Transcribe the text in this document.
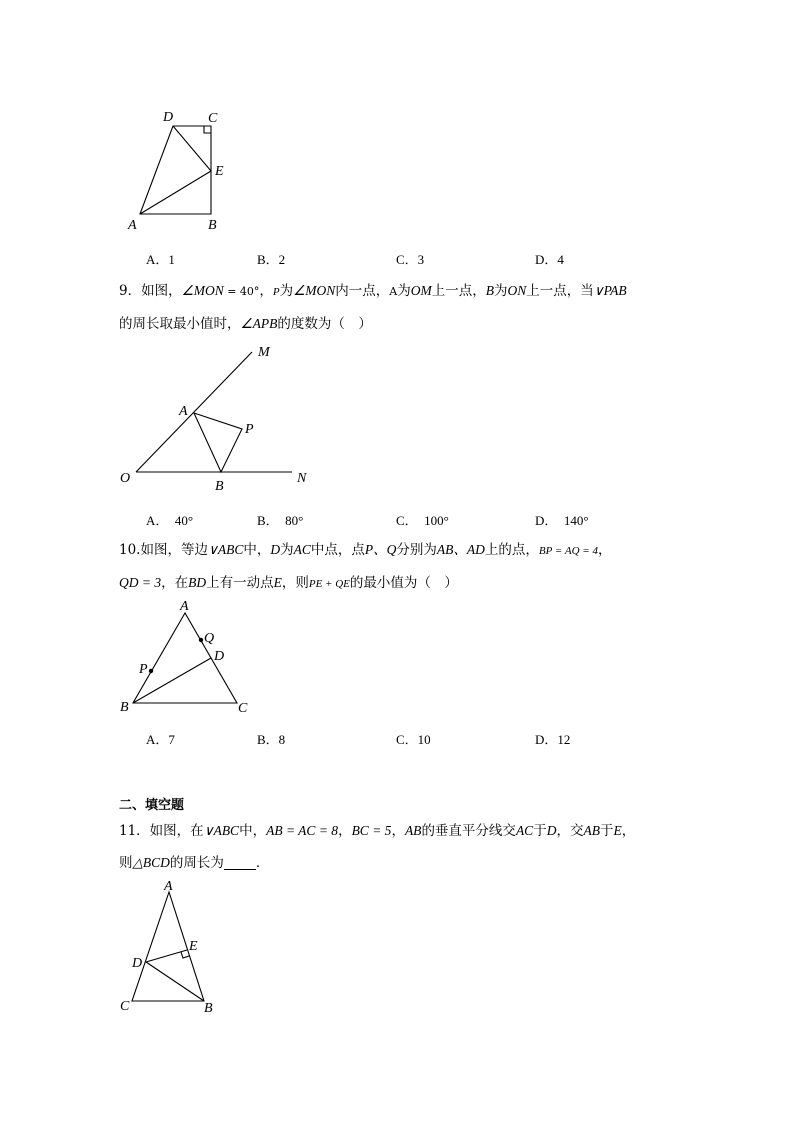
D C
E
A	B
A．1	B．2	C．3	D．4
9．如图，∠MON = 40°，P为∠MON内一点，A为OM上一点，B为ON上一点，当∨PAB
的周长取最小值时，∠APB的度数为（　）
M
A
P
O
B
N
A．　40°	B．　80°	C．　100°	D．　140°
10.如图，等边∨ABC中，D为AC中点，点P、Q分别为AB、AD上的点，BP = AQ = 4，
QD = 3，在BD上有一动点E，则PE + QE的最小值为（　）
A
Q
D
P
B	C
A．7	B．8	C．10	D．12
二、填空题
11．如图，在∨ABC中，AB = AC = 8，BC = 5，AB的垂直平分线交AC于D，交AB于E，
则△BCD的周长为 ．
A
E
D
C	B
